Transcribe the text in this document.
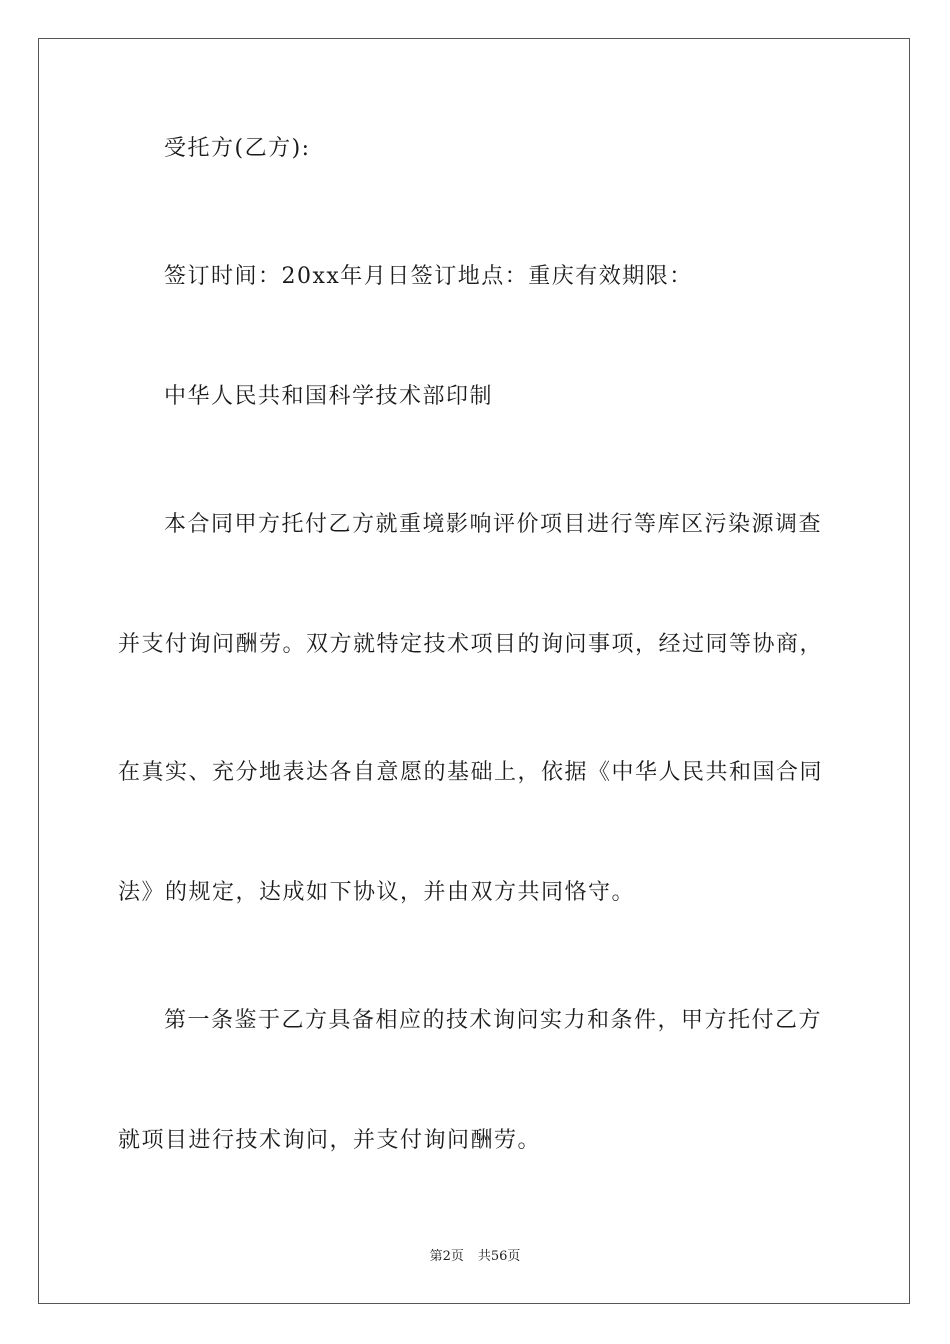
受托方(乙方):
签订时间：20xx年月日签订地点：重庆有效期限：
中华人民共和国科学技术部印制
本合同甲方托付乙方就重境影响评价项目进行等库区污染源调查
并支付询问酬劳。双方就特定技术项目的询问事项，经过同等协商，
在真实、充分地表达各自意愿的基础上，依据《中华人民共和国合同
法》的规定，达成如下协议，并由双方共同恪守。
第一条鉴于乙方具备相应的技术询问实力和条件，甲方托付乙方
就项目进行技术询问，并支付询问酬劳。
第2页 共56页
